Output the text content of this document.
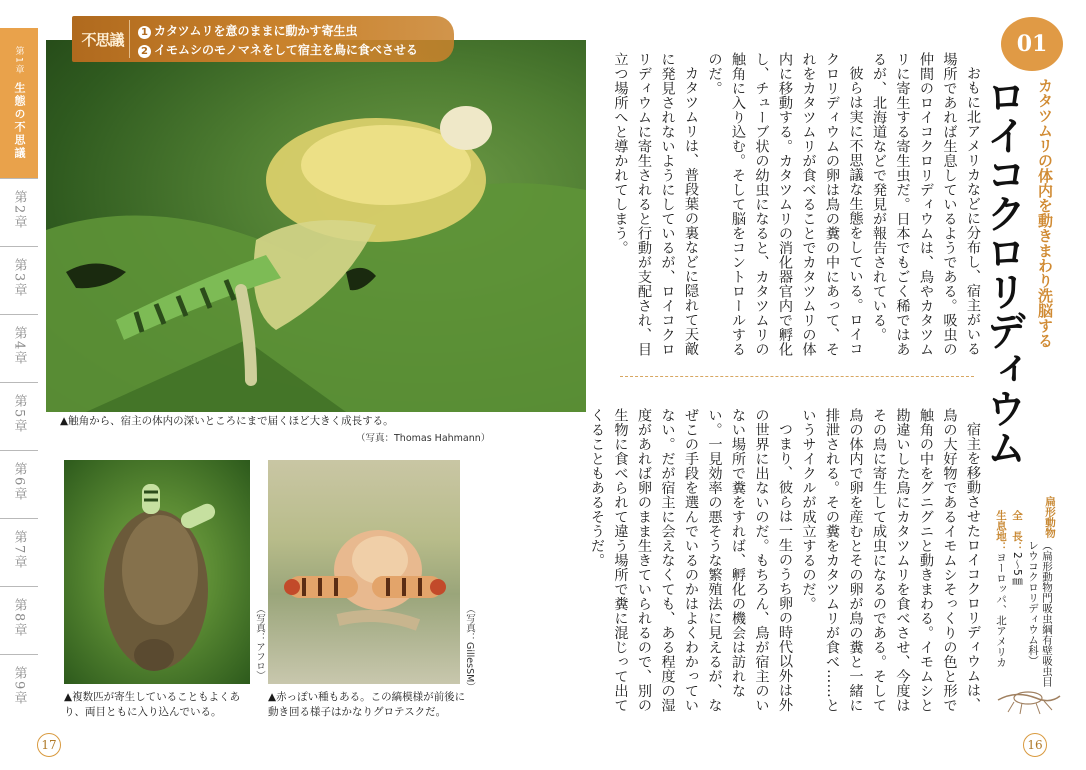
第1章
生態の不思議
第2章
第3章
第4章
第5章
第6章
第7章
第8章
第9章
不思議	1 カタツムリを意のままに動かす寄生虫
2 イモムシのモノマネをして宿主を鳥に食べさせる
▲触角から、宿主の体内の深いところにまで届くほど大きく成長する。
（写真：Thomas Hahmann）
（写真：アフロ）
▲複数匹が寄生していることもよくあり、両目ともに入り込んでいる。
（写真：GillesSM）
▲赤っぽい種もある。この縞模様が前後に動き回る様子はかなりグロテスクだ。
17
01
カタツムリの体内を動きまわり洗脳する
ロイコクロリディウム

おもに北アメリカなどに分布し、宿主がいる場所であれば生息しているようである。吸虫の仲間のロイコクロリディウムは、鳥やカタツムリに寄生する寄生虫だ。日本でもごく稀ではあるが、北海道などで発見が報告されている。

彼らは実に不思議な生態をしている。ロイコクロリディウムの卵は鳥の糞の中にあって、それをカタツムリが食べることでカタツムリの体内に移動する。カタツムリの消化器官内で孵化し、チューブ状の幼虫になると、カタツムリの触角に入り込む。そして脳をコントロールするのだ。

カタツムリは、普段葉の裏などに隠れて天敵に発見されないようにしているが、ロイコクロリディウムに寄生されると行動が支配され、目立つ場所へと導かれてしまう。

宿主を移動させたロイコクロリディウムは、鳥の大好物であるイモムシそっくりの色と形で触角の中をグニグニと動きまわる。イモムシと勘違いした鳥にカタツムリを食べさせ、今度はその鳥に寄生して成虫になるのである。そして鳥の体内で卵を産むとその卵が鳥の糞と一緒に排泄される。その糞をカタツムリが食べ……というサイクルが成立するのだ。

つまり、彼らは一生のうち卵の時代以外は外の世界に出ないのだ。もちろん、鳥が宿主のいない場所で糞をすれば、孵化の機会は訪れない。一見効率の悪そうな繁殖法に見えるが、なぜこの手段を選んでいるのかはよくわかっていない。だが宿主に会えなくても、ある程度の湿度があれば卵のまま生きていられるので、別の生物に食べられて違う場所で糞に混じって出てくることもあるそうだ。	扁形動物
（扁形動物門吸虫綱有壁吸虫目レウコクロリディウム科）
全　長：2～5㎜
生息地：ヨーロッパ、北アメリカ
16
